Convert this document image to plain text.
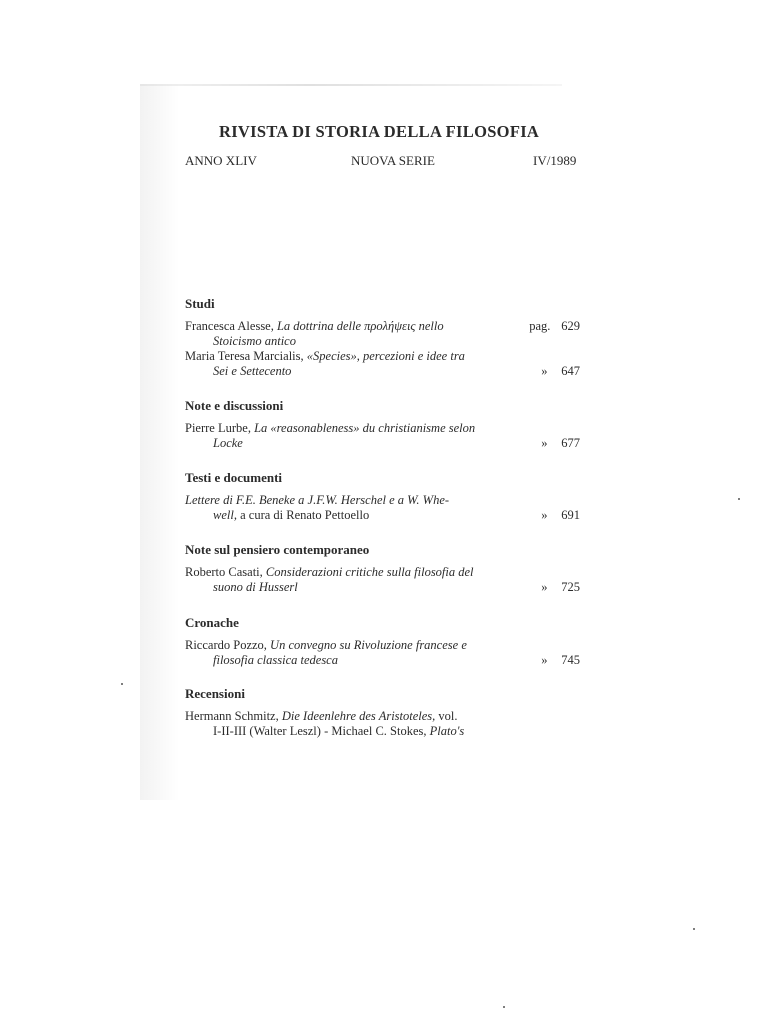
RIVISTA DI STORIA DELLA FILOSOFIA
ANNO XLIV	NUOVA SERIE	IV/1989
Studi
Francesca Alesse, La dottrina delle προλήψεις nello
Stoicismo antico
pag. 629
Maria Teresa Marcialis, «Species», percezioni e idee tra
Sei e Settecento	» 647
Note e discussioni
Pierre Lurbe, La «reasonableness» du christianisme selon
Locke	» 677
Testi e documenti
Lettere di F.E. Beneke a J.F.W. Herschel e a W. Whe-
well, a cura di Renato Pettoello	» 691
Note sul pensiero contemporaneo
Roberto Casati, Considerazioni critiche sulla filosofia del
suono di Husserl	» 725
Cronache
Riccardo Pozzo, Un convegno su Rivoluzione francese e
filosofia classica tedesca	» 745
Recensioni
Hermann Schmitz, Die Ideenlehre des Aristoteles, vol.
I-II-III (Walter Leszl) - Michael C. Stokes, Plato's
